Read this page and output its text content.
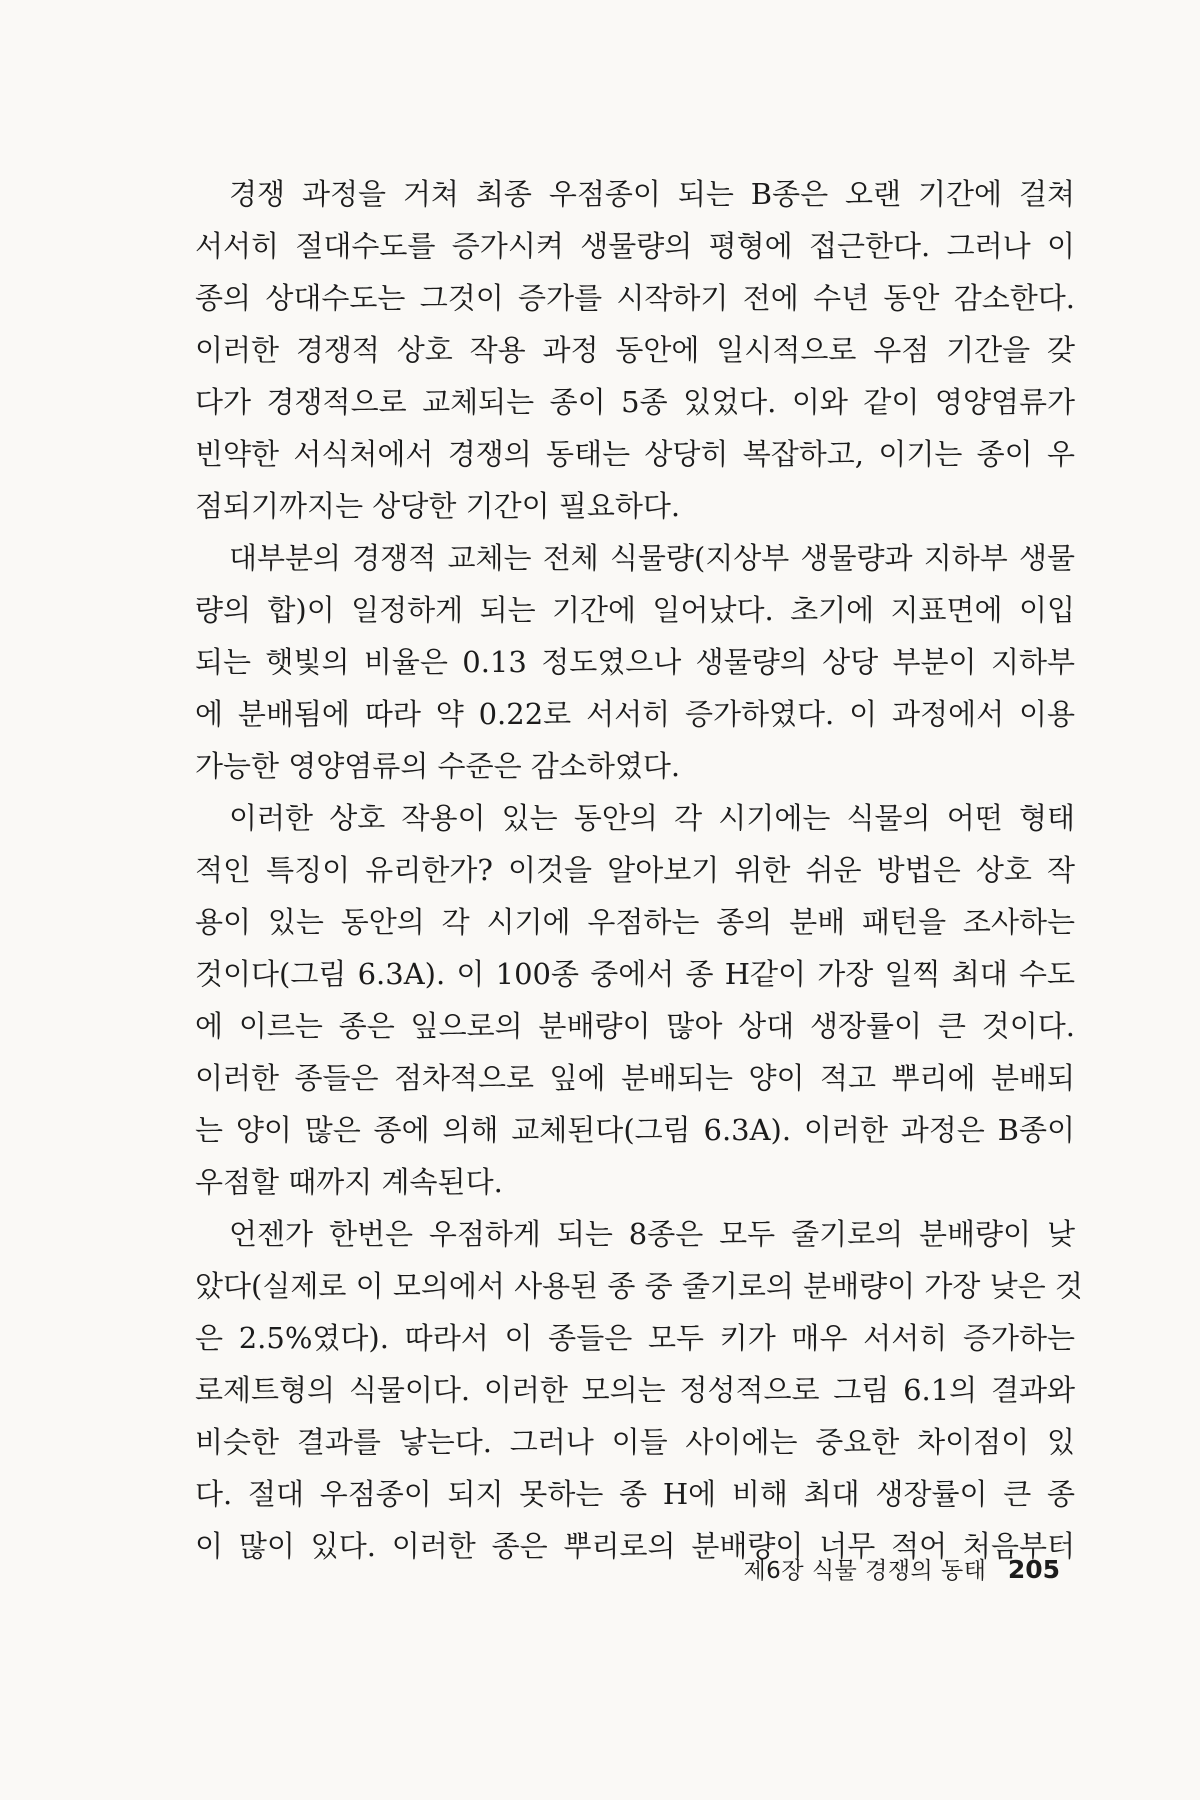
경쟁 과정을 거쳐 최종 우점종이 되는 B종은 오랜 기간에 걸쳐
서서히 절대수도를 증가시켜 생물량의 평형에 접근한다. 그러나 이
종의 상대수도는 그것이 증가를 시작하기 전에 수년 동안 감소한다.
이러한 경쟁적 상호 작용 과정 동안에 일시적으로 우점 기간을 갖
다가 경쟁적으로 교체되는 종이 5종 있었다. 이와 같이 영양염류가
빈약한 서식처에서 경쟁의 동태는 상당히 복잡하고, 이기는 종이 우
점되기까지는 상당한 기간이 필요하다.
대부분의 경쟁적 교체는 전체 식물량(지상부 생물량과 지하부 생물
량의 합)이 일정하게 되는 기간에 일어났다. 초기에 지표면에 이입
되는 햇빛의 비율은 0.13 정도였으나 생물량의 상당 부분이 지하부
에 분배됨에 따라 약 0.22로 서서히 증가하였다. 이 과정에서 이용
가능한 영양염류의 수준은 감소하였다.
이러한 상호 작용이 있는 동안의 각 시기에는 식물의 어떤 형태
적인 특징이 유리한가? 이것을 알아보기 위한 쉬운 방법은 상호 작
용이 있는 동안의 각 시기에 우점하는 종의 분배 패턴을 조사하는
것이다(그림 6.3A). 이 100종 중에서 종 H같이 가장 일찍 최대 수도
에 이르는 종은 잎으로의 분배량이 많아 상대 생장률이 큰 것이다.
이러한 종들은 점차적으로 잎에 분배되는 양이 적고 뿌리에 분배되
는 양이 많은 종에 의해 교체된다(그림 6.3A). 이러한 과정은 B종이
우점할 때까지 계속된다.
언젠가 한번은 우점하게 되는 8종은 모두 줄기로의 분배량이 낮
았다(실제로 이 모의에서 사용된 종 중 줄기로의 분배량이 가장 낮은 것
은 2.5%였다). 따라서 이 종들은 모두 키가 매우 서서히 증가하는
로제트형의 식물이다. 이러한 모의는 정성적으로 그림 6.1의 결과와
비슷한 결과를 낳는다. 그러나 이들 사이에는 중요한 차이점이 있
다. 절대 우점종이 되지 못하는 종 H에 비해 최대 생장률이 큰 종
이 많이 있다. 이러한 종은 뿌리로의 분배량이 너무 적어 처음부터
제6장 식물 경쟁의 동태 205
